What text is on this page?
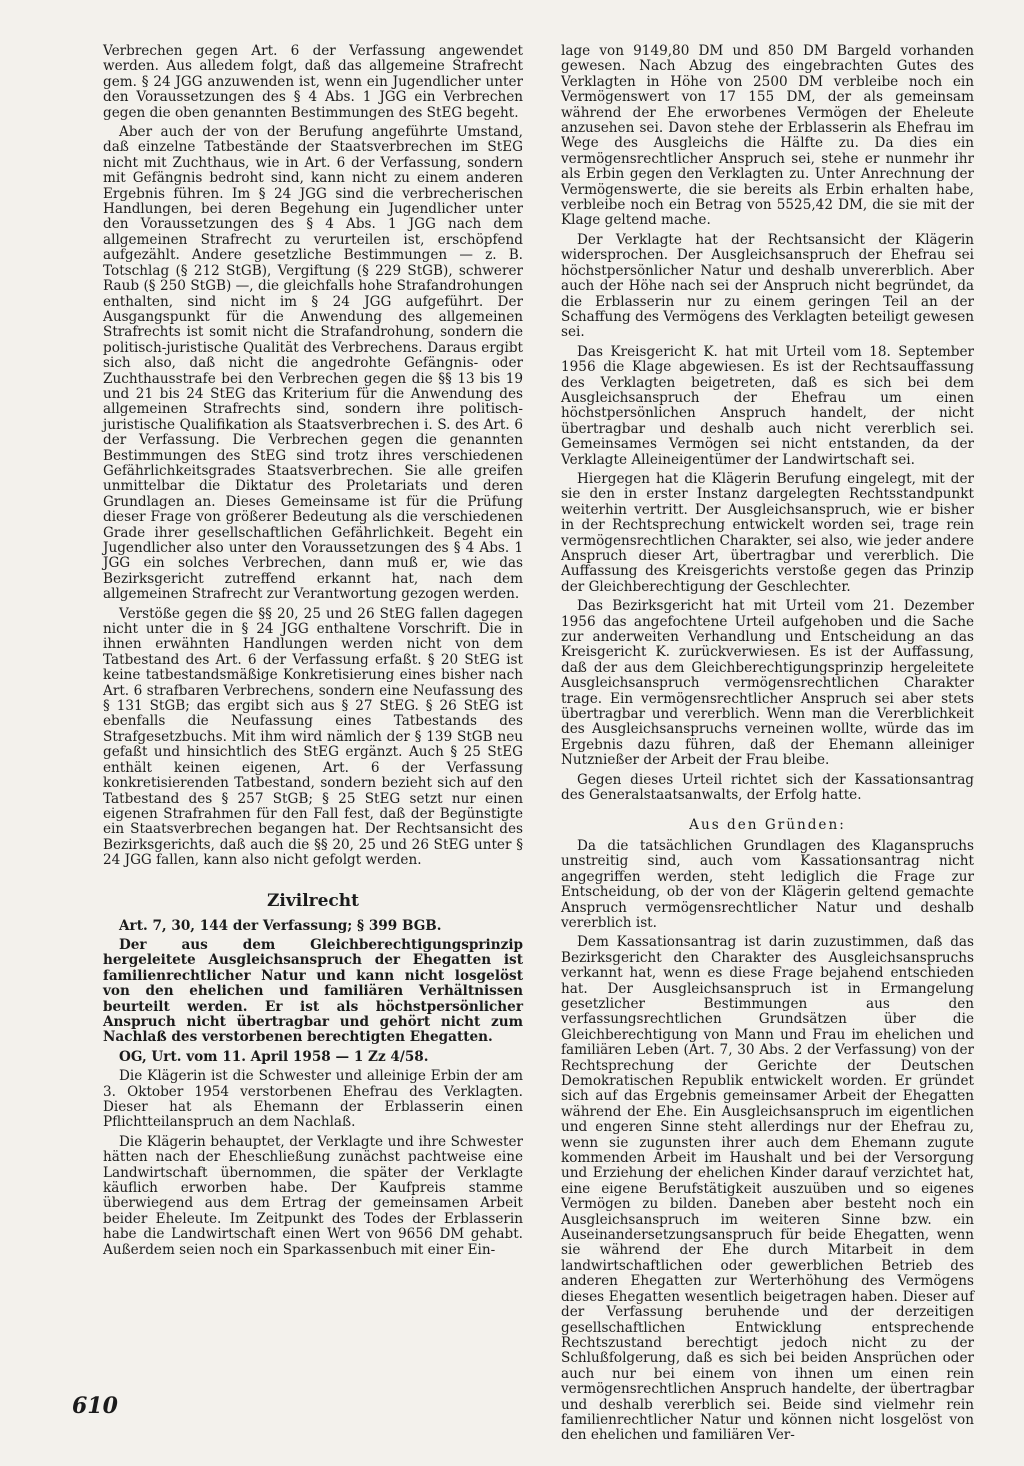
Verbrechen gegen Art. 6 der Verfassung angewendet werden. Aus alledem folgt, daß das allgemeine Strafrecht gem. § 24 JGG anzuwenden ist, wenn ein Jugendlicher unter den Voraussetzungen des § 4 Abs. 1 JGG ein Verbrechen gegen die oben genannten Bestimmungen des StEG begeht.

Aber auch der von der Berufung angeführte Umstand, daß einzelne Tatbestände der Staatsverbrechen im StEG nicht mit Zuchthaus, wie in Art. 6 der Verfassung, sondern mit Gefängnis bedroht sind, kann nicht zu einem anderen Ergebnis führen. Im § 24 JGG sind die verbrecherischen Handlungen, bei deren Begehung ein Jugendlicher unter den Voraussetzungen des § 4 Abs. 1 JGG nach dem allgemeinen Strafrecht zu verurteilen ist, erschöpfend aufgezählt. Andere gesetzliche Bestimmungen — z. B. Totschlag (§ 212 StGB), Vergiftung (§ 229 StGB), schwerer Raub (§ 250 StGB) —, die gleichfalls hohe Strafandrohungen enthalten, sind nicht im § 24 JGG aufgeführt. Der Ausgangspunkt für die Anwendung des allgemeinen Strafrechts ist somit nicht die Strafandrohung, sondern die politisch-juristische Qualität des Verbrechens. Daraus ergibt sich also, daß nicht die angedrohte Gefängnis- oder Zuchthausstrafe bei den Verbrechen gegen die §§ 13 bis 19 und 21 bis 24 StEG das Kriterium für die Anwendung des allgemeinen Strafrechts sind, sondern ihre politisch-juristische Qualifikation als Staatsverbrechen i. S. des Art. 6 der Verfassung. Die Verbrechen gegen die genannten Bestimmungen des StEG sind trotz ihres verschiedenen Gefährlichkeitsgrades Staatsverbrechen. Sie alle greifen unmittelbar die Diktatur des Proletariats und deren Grundlagen an. Dieses Gemeinsame ist für die Prüfung dieser Frage von größerer Bedeutung als die verschiedenen Grade ihrer gesellschaftlichen Gefährlichkeit. Begeht ein Jugendlicher also unter den Voraussetzungen des § 4 Abs. 1 JGG ein solches Verbrechen, dann muß er, wie das Bezirksgericht zutreffend erkannt hat, nach dem allgemeinen Strafrecht zur Verantwortung gezogen werden.

Verstöße gegen die §§ 20, 25 und 26 StEG fallen dagegen nicht unter die in § 24 JGG enthaltene Vorschrift. Die in ihnen erwähnten Handlungen werden nicht von dem Tatbestand des Art. 6 der Verfassung erfaßt. § 20 StEG ist keine tatbestandsmäßige Konkretisierung eines bisher nach Art. 6 strafbaren Verbrechens, sondern eine Neufassung des § 131 StGB; das ergibt sich aus § 27 StEG. § 26 StEG ist ebenfalls die Neufassung eines Tatbestands des Strafgesetzbuchs. Mit ihm wird nämlich der § 139 StGB neu gefaßt und hinsichtlich des StEG ergänzt. Auch § 25 StEG enthält keinen eigenen, Art. 6 der Verfassung konkretisierenden Tatbestand, sondern bezieht sich auf den Tatbestand des § 257 StGB; § 25 StEG setzt nur einen eigenen Strafrahmen für den Fall fest, daß der Begünstigte ein Staatsverbrechen begangen hat. Der Rechtsansicht des Bezirksgerichts, daß auch die §§ 20, 25 und 26 StEG unter § 24 JGG fallen, kann also nicht gefolgt werden.

Zivilrecht

Art. 7, 30, 144 der Verfassung; § 399 BGB.

Der aus dem Gleichberechtigungsprinzip hergeleitete Ausgleichsanspruch der Ehegatten ist familienrechtlicher Natur und kann nicht losgelöst von den ehelichen und familiären Verhältnissen beurteilt werden. Er ist als höchstpersönlicher Anspruch nicht übertragbar und gehört nicht zum Nachlaß des verstorbenen berechtigten Ehegatten.

OG, Urt. vom 11. April 1958 — 1 Zz 4/58.

Die Klägerin ist die Schwester und alleinige Erbin der am 3. Oktober 1954 verstorbenen Ehefrau des Verklagten. Dieser hat als Ehemann der Erblasserin einen Pflichtteilanspruch an dem Nachlaß.

Die Klägerin behauptet, der Verklagte und ihre Schwester hätten nach der Eheschließung zunächst pachtweise eine Landwirtschaft übernommen, die später der Verklagte käuflich erworben habe. Der Kaufpreis stamme überwiegend aus dem Ertrag der gemeinsamen Arbeit beider Eheleute. Im Zeitpunkt des Todes der Erblasserin habe die Landwirtschaft einen Wert von 9656 DM gehabt. Außerdem seien noch ein Sparkassenbuch mit einer Ein-

lage von 9149,80 DM und 850 DM Bargeld vorhanden gewesen. Nach Abzug des eingebrachten Gutes des Verklagten in Höhe von 2500 DM verbleibe noch ein Vermögenswert von 17 155 DM, der als gemeinsam während der Ehe erworbenes Vermögen der Eheleute anzusehen sei. Davon stehe der Erblasserin als Ehefrau im Wege des Ausgleichs die Hälfte zu. Da dies ein vermögensrechtlicher Anspruch sei, stehe er nunmehr ihr als Erbin gegen den Verklagten zu. Unter Anrechnung der Vermögenswerte, die sie bereits als Erbin erhalten habe, verbleibe noch ein Betrag von 5525,42 DM, die sie mit der Klage geltend mache.

Der Verklagte hat der Rechtsansicht der Klägerin widersprochen. Der Ausgleichsanspruch der Ehefrau sei höchstpersönlicher Natur und deshalb unvererblich. Aber auch der Höhe nach sei der Anspruch nicht begründet, da die Erblasserin nur zu einem geringen Teil an der Schaffung des Vermögens des Verklagten beteiligt gewesen sei.

Das Kreisgericht K. hat mit Urteil vom 18. September 1956 die Klage abgewiesen. Es ist der Rechtsauffassung des Verklagten beigetreten, daß es sich bei dem Ausgleichsanspruch der Ehefrau um einen höchstpersönlichen Anspruch handelt, der nicht übertragbar und deshalb auch nicht vererblich sei. Gemeinsames Vermögen sei nicht entstanden, da der Verklagte Alleineigentümer der Landwirtschaft sei.

Hiergegen hat die Klägerin Berufung eingelegt, mit der sie den in erster Instanz dargelegten Rechtsstandpunkt weiterhin vertritt. Der Ausgleichsanspruch, wie er bisher in der Rechtsprechung entwickelt worden sei, trage rein vermögensrechtlichen Charakter, sei also, wie jeder andere Anspruch dieser Art, übertragbar und vererblich. Die Auffassung des Kreisgerichts verstoße gegen das Prinzip der Gleichberechtigung der Geschlechter.

Das Bezirksgericht hat mit Urteil vom 21. Dezember 1956 das angefochtene Urteil aufgehoben und die Sache zur anderweiten Verhandlung und Entscheidung an das Kreisgericht K. zurückverwiesen. Es ist der Auffassung, daß der aus dem Gleichberechtigungsprinzip hergeleitete Ausgleichsanspruch vermögensrechtlichen Charakter trage. Ein vermögensrechtlicher Anspruch sei aber stets übertragbar und vererblich. Wenn man die Vererblichkeit des Ausgleichsanspruchs verneinen wollte, würde das im Ergebnis dazu führen, daß der Ehemann alleiniger Nutznießer der Arbeit der Frau bleibe.

Gegen dieses Urteil richtet sich der Kassationsantrag des Generalstaatsanwalts, der Erfolg hatte.

Aus den Gründen:

Da die tatsächlichen Grundlagen des Klaganspruchs unstreitig sind, auch vom Kassationsantrag nicht angegriffen werden, steht lediglich die Frage zur Entscheidung, ob der von der Klägerin geltend gemachte Anspruch vermögensrechtlicher Natur und deshalb vererblich ist.

Dem Kassationsantrag ist darin zuzustimmen, daß das Bezirksgericht den Charakter des Ausgleichsanspruchs verkannt hat, wenn es diese Frage bejahend entschieden hat. Der Ausgleichsanspruch ist in Ermangelung gesetzlicher Bestimmungen aus den verfassungsrechtlichen Grundsätzen über die Gleichberechtigung von Mann und Frau im ehelichen und familiären Leben (Art. 7, 30 Abs. 2 der Verfassung) von der Rechtsprechung der Gerichte der Deutschen Demokratischen Republik entwickelt worden. Er gründet sich auf das Ergebnis gemeinsamer Arbeit der Ehegatten während der Ehe. Ein Ausgleichsanspruch im eigentlichen und engeren Sinne steht allerdings nur der Ehefrau zu, wenn sie zugunsten ihrer auch dem Ehemann zugute kommenden Arbeit im Haushalt und bei der Versorgung und Erziehung der ehelichen Kinder darauf verzichtet hat, eine eigene Berufstätigkeit auszuüben und so eigenes Vermögen zu bilden. Daneben aber besteht noch ein Ausgleichsanspruch im weiteren Sinne bzw. ein Auseinandersetzungsanspruch für beide Ehegatten, wenn sie während der Ehe durch Mitarbeit in dem landwirtschaftlichen oder gewerblichen Betrieb des anderen Ehegatten zur Werterhöhung des Vermögens dieses Ehegatten wesentlich beigetragen haben. Dieser auf der Verfassung beruhende und der derzeitigen gesellschaftlichen Entwicklung entsprechende Rechtszustand berechtigt jedoch nicht zu der Schlußfolgerung, daß es sich bei beiden Ansprüchen oder auch nur bei einem von ihnen um einen rein vermögensrechtlichen Anspruch handelte, der übertragbar und deshalb vererblich sei. Beide sind vielmehr rein familienrechtlicher Natur und können nicht losgelöst von den ehelichen und familiären Ver-

610
